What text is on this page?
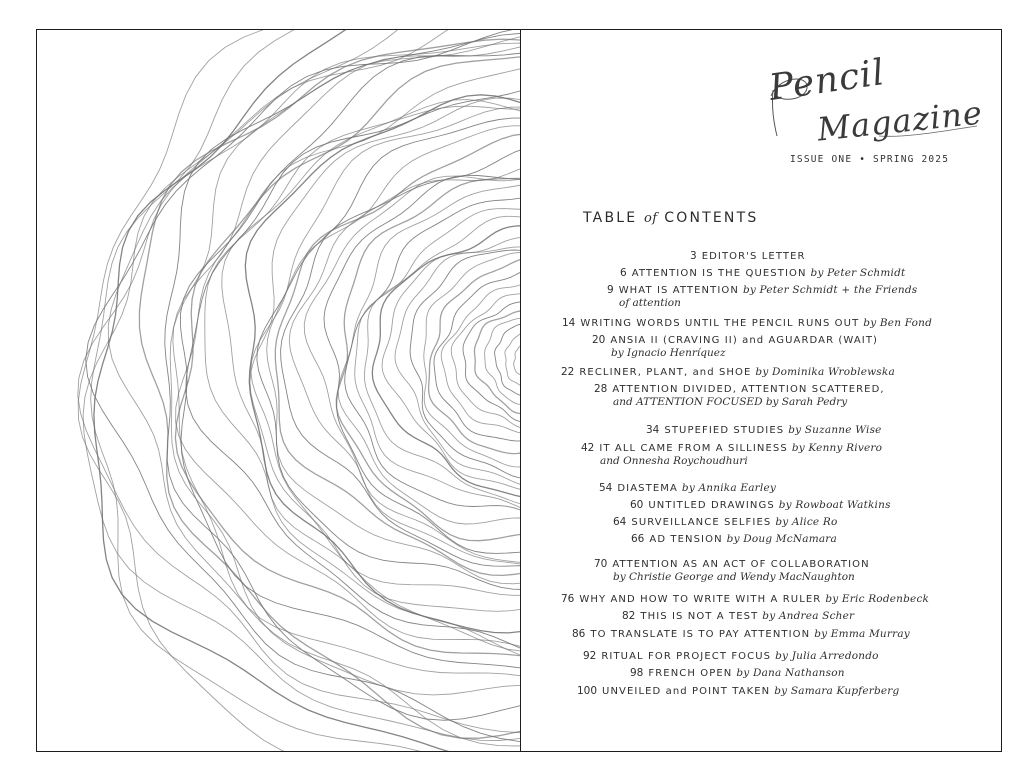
Pencil
Magazine
ISSUE ONE • SPRING 2025
TABLE of CONTENTS
3 EDITOR'S LETTER
6 ATTENTION IS THE QUESTION by Peter Schmidt
9 WHAT IS ATTENTION by Peter Schmidt + the Friends
of attention
14 WRITING WORDS UNTIL THE PENCIL RUNS OUT by Ben Fond
20 ANSIA II (CRAVING II) and AGUARDAR (WAIT)
by Ignacio Henríquez
22 RECLINER, PLANT, and SHOE by Dominika Wroblewska
28 ATTENTION DIVIDED, ATTENTION SCATTERED,
and ATTENTION FOCUSED by Sarah Pedry
34 STUPEFIED STUDIES by Suzanne Wise
42 IT ALL CAME FROM A SILLINESS by Kenny Rivero
and Onnesha Roychoudhuri
54 DIASTEMA by Annika Earley
60 UNTITLED DRAWINGS by Rowboat Watkins
64 SURVEILLANCE SELFIES by Alice Ro
66 AD TENSION by Doug McNamara
70 ATTENTION AS AN ACT OF COLLABORATION
by Christie George and Wendy MacNaughton
76 WHY AND HOW TO WRITE WITH A RULER by Eric Rodenbeck
82 THIS IS NOT A TEST by Andrea Scher
86 TO TRANSLATE IS TO PAY ATTENTION by Emma Murray
92 RITUAL FOR PROJECT FOCUS by Julia Arredondo
98 FRENCH OPEN by Dana Nathanson
100 UNVEILED and POINT TAKEN by Samara Kupferberg
